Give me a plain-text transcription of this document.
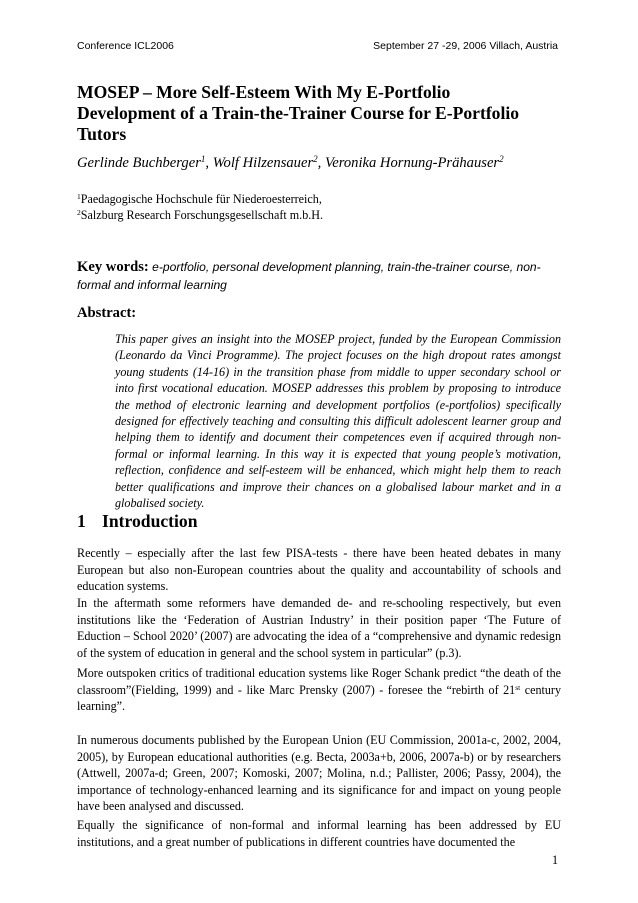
Conference ICL2006	September 27 -29, 2006 Villach, Austria
MOSEP – More Self-Esteem With My E-Portfolio
Development of a Train-the-Trainer Course for E-Portfolio
Tutors
Gerlinde Buchberger$^1$, Wolf Hilzensauer$^2$, Veronika Hornung-Prähauser$^2$
$^1$Paedagogische Hochschule für Niederoesterreich,
$^2$Salzburg Research Forschungsgesellschaft m.b.H.

Key words: e-portfolio, personal development planning, train-the-trainer course, non-formal and informal learning

Abstract:

This paper gives an insight into the MOSEP project, funded by the European Commission (Leonardo da Vinci Programme). The project focuses on the high dropout rates amongst young students (14-16) in the transition phase from middle to upper secondary school or into first vocational education. MOSEP addresses this problem by proposing to introduce the method of electronic learning and development portfolios (e-portfolios) specifically designed for effectively teaching and consulting this difficult adolescent learner group and helping them to identify and document their competences even if acquired through non-formal or informal learning. In this way it is expected that young people’s motivation, reflection, confidence and self-esteem will be enhanced, which might help them to reach better qualifications and improve their chances on a globalised labour market and in a globalised society.

1 Introduction

Recently – especially after the last few PISA-tests - there have been heated debates in many European but also non-European countries about the quality and accountability of schools and education systems.

In the aftermath some reformers have demanded de- and re-schooling respectively, but even institutions like the ‘Federation of Austrian Industry’ in their position paper ‘The Future of Eduction – School 2020’ (2007) are advocating the idea of a “comprehensive and dynamic redesign of the system of education in general and the school system in particular” (p.3).

More outspoken critics of traditional education systems like Roger Schank predict “the death of the classroom”(Fielding, 1999) and - like Marc Prensky (2007) - foresee the “rebirth of 21st century learning”.

In numerous documents published by the European Union (EU Commission, 2001a-c, 2002, 2004, 2005), by European educational authorities (e.g. Becta, 2003a+b, 2006, 2007a-b) or by researchers (Attwell, 2007a-d; Green, 2007; Komoski, 2007; Molina, n.d.; Pallister, 2006; Passy, 2004), the importance of technology-enhanced learning and its significance for and impact on young people have been analysed and discussed.

Equally the significance of non-formal and informal learning has been addressed by EU institutions, and a great number of publications in different countries have documented the

1
